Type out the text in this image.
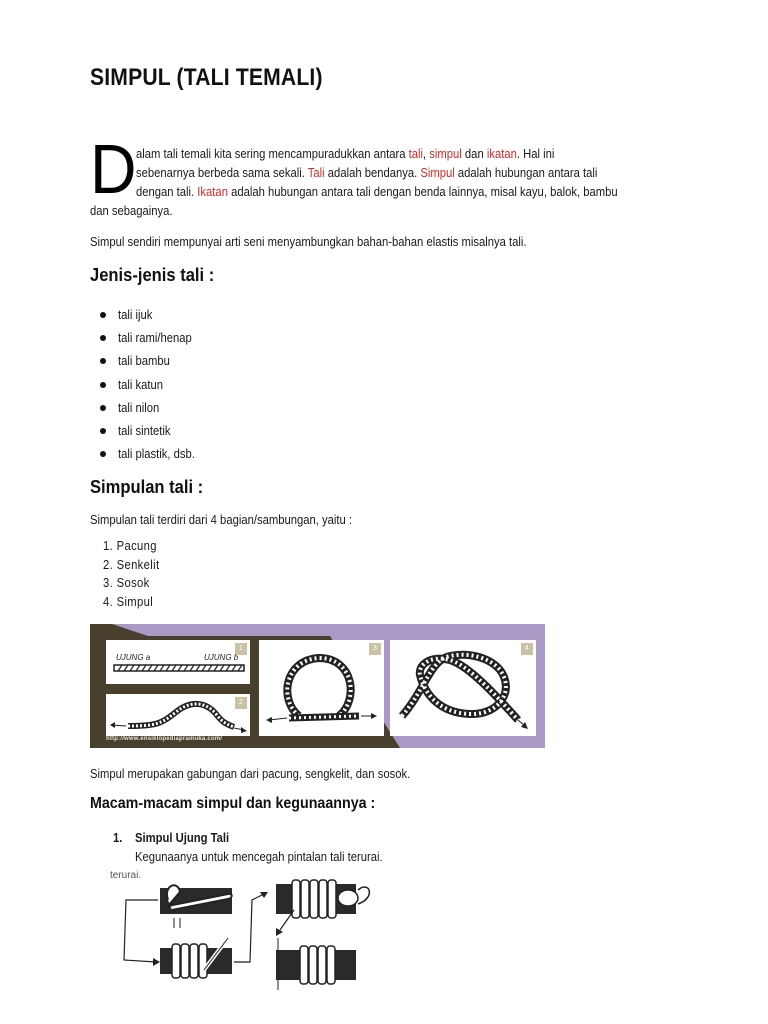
SIMPUL (TALI TEMALI)
D alam tali temali kita sering mencampuradukkan antara tali, simpul dan ikatan. Hal ini
sebenarnya berbeda sama sekali. Tali adalah bendanya. Simpul adalah hubungan antara tali
dengan tali. Ikatan adalah hubungan antara tali dengan benda lainnya, misal kayu, balok, bambu
dan sebagainya.
Simpul sendiri mempunyai arti seni menyambungkan bahan-bahan elastis misalnya tali.
Jenis-jenis tali :
tali ijuk
tali rami/henap
tali bambu
tali katun
tali nilon
tali sintetik
tali plastik, dsb.
Simpulan tali :
Simpulan tali terdiri dari 4 bagian/sambungan, yaitu :
1. Pacung
2. Senkelit
3. Sosok
4. Simpul
1
UJUNG a	UJUNG b
2
3	4
http://www.ensiklopediapramuka.com/
Simpul merupakan gabungan dari pacung, sengkelit, dan sosok.
Macam-macam simpul dan kegunaannya :
1. Simpul Ujung Tali
Kegunaanya untuk mencegah pintalan tali terurai.
terurai.
